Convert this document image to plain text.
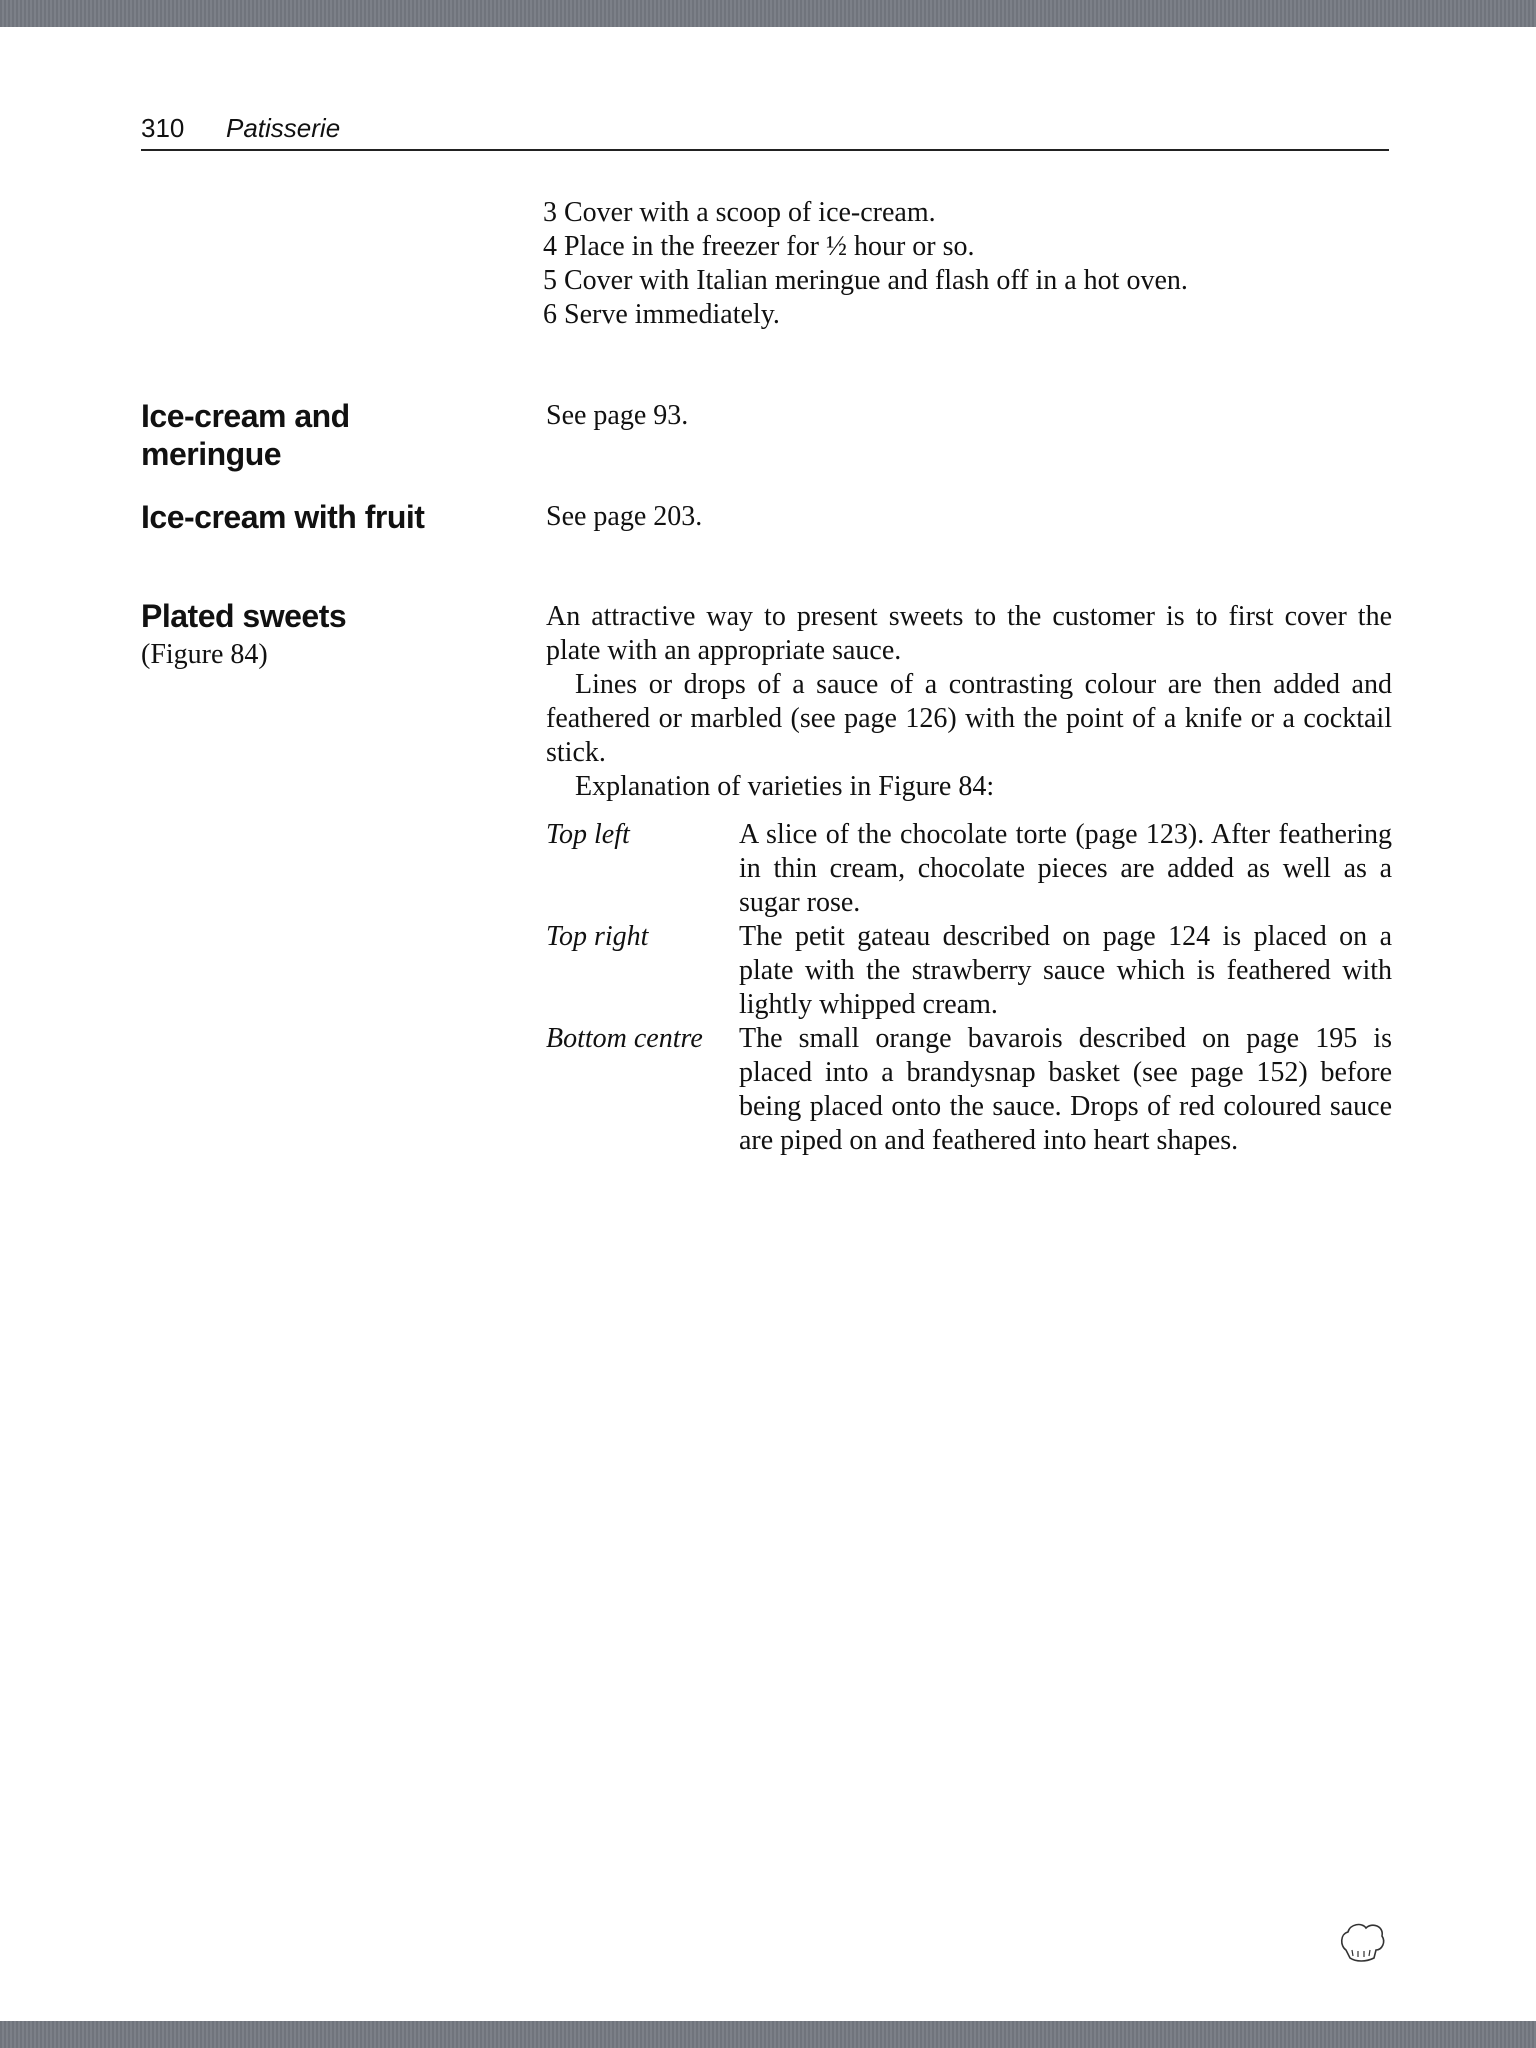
310 Patisserie
3 Cover with a scoop of ice-cream.
4 Place in the freezer for ½ hour or so.
5 Cover with Italian meringue and flash off in a hot oven.
6 Serve immediately.
Ice-cream and
meringue
See page 93.
Ice-cream with fruit	See page 203.
Plated sweets
(Figure 84)

An attractive way to present sweets to the customer is to first cover the plate with an appropriate sauce.

Lines or drops of a sauce of a contrasting colour are then added and feathered or marbled (see page 126) with the point of a knife or a cocktail stick.

Explanation of varieties in Figure 84:

Top left	A slice of the chocolate torte (page 123). After feathering in thin cream, chocolate pieces are added as well as a sugar rose.
Top right	The petit gateau described on page 124 is placed on a plate with the strawberry sauce which is feathered with lightly whipped cream.
Bottom centre	The small orange bavarois described on page 195 is placed into a brandysnap basket (see page 152) before being placed onto the sauce. Drops of red coloured sauce are piped on and feathered into heart shapes.
